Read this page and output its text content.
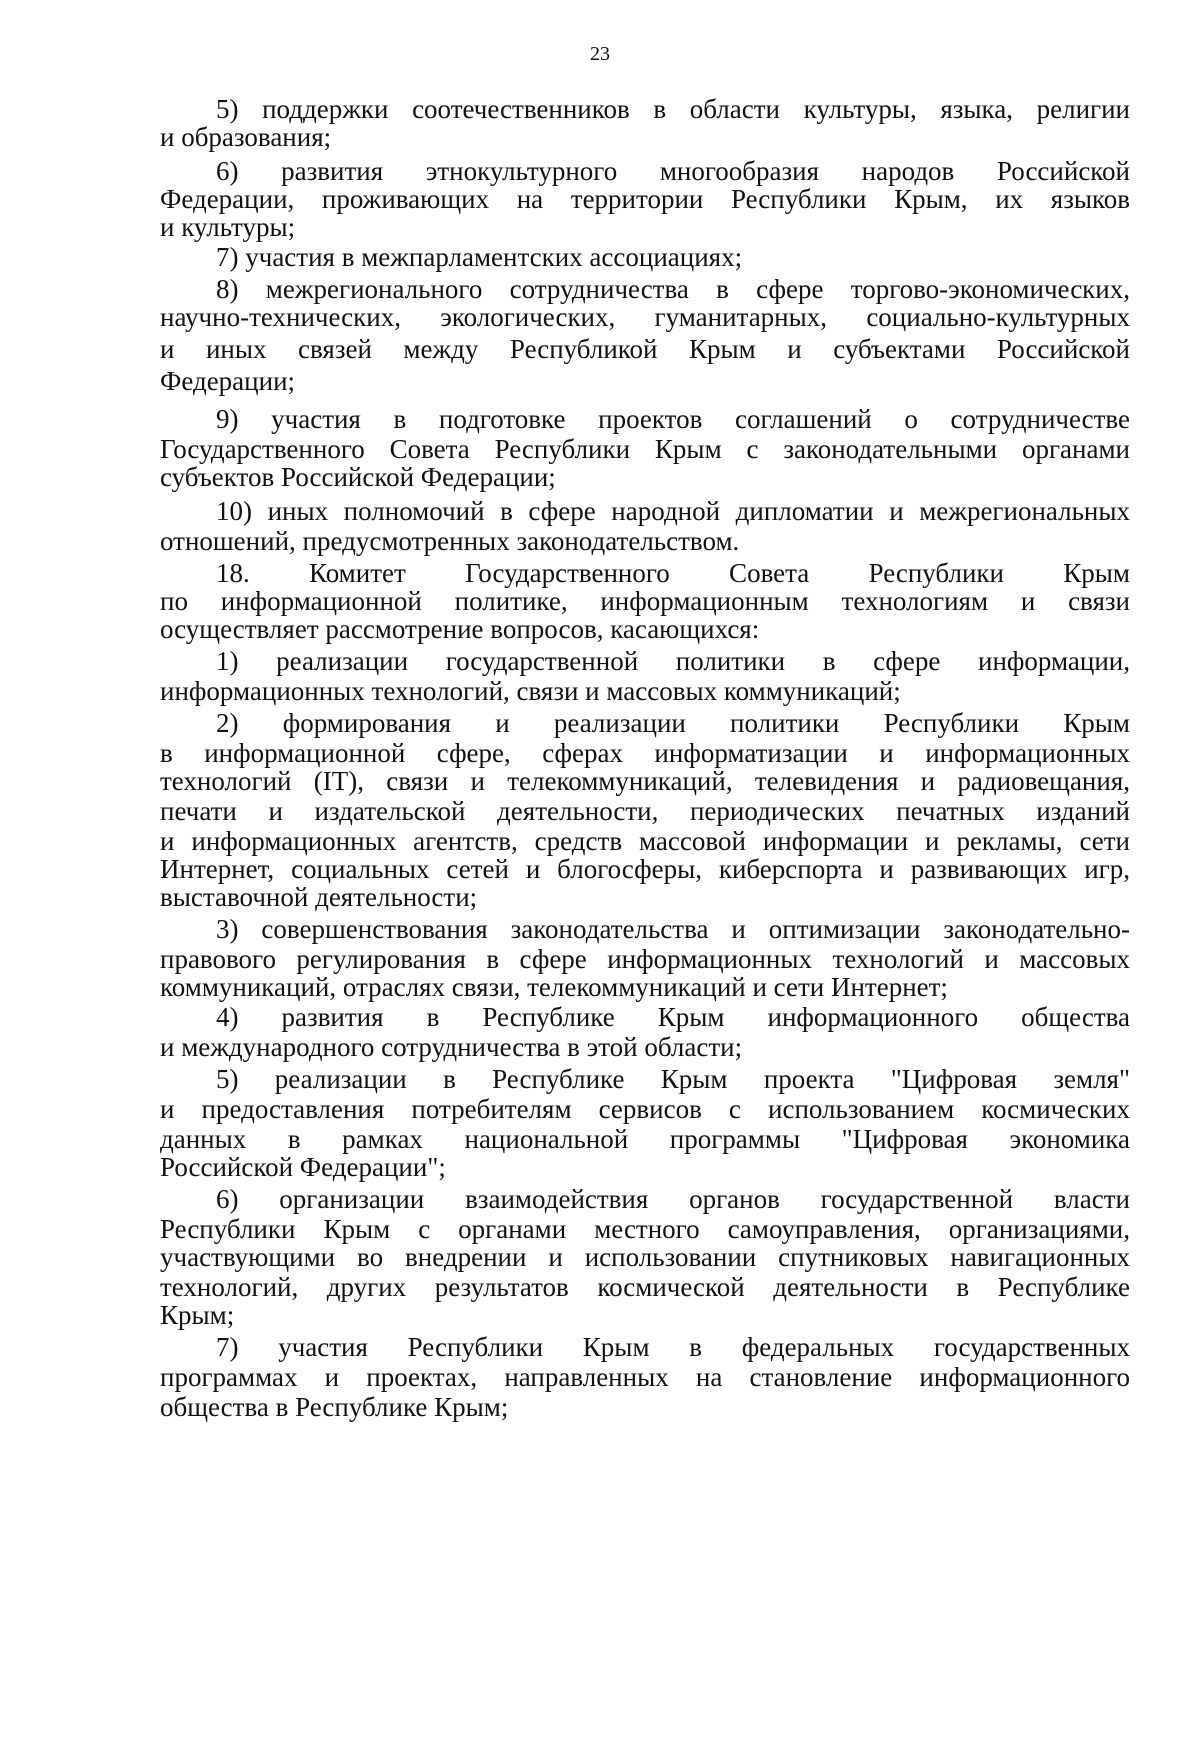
23
5) поддержки соотечественников в области культуры, языка, религии
и образования;
6) развития этнокультурного многообразия народов Российской
Федерации, проживающих на территории Республики Крым, их языков
и культуры;
7) участия в межпарламентских ассоциациях;
8) межрегионального сотрудничества в сфере торгово-экономических,
научно-технических, экологических, гуманитарных, социально-культурных
и иных связей между Республикой Крым и субъектами Российской
Федерации;
9) участия в подготовке проектов соглашений о сотрудничестве
Государственного Совета Республики Крым с законодательными органами
субъектов Российской Федерации;
10) иных полномочий в сфере народной дипломатии и межрегиональных
отношений, предусмотренных законодательством.
18. Комитет Государственного Совета Республики Крым
по информационной политике, информационным технологиям и связи
осуществляет рассмотрение вопросов, касающихся:
1) реализации государственной политики в сфере информации,
информационных технологий, связи и массовых коммуникаций;
2) формирования и реализации политики Республики Крым
в информационной сфере, сферах информатизации и информационных
технологий (IT), связи и телекоммуникаций, телевидения и радиовещания,
печати и издательской деятельности, периодических печатных изданий
и информационных агентств, средств массовой информации и рекламы, сети
Интернет, социальных сетей и блогосферы, киберспорта и развивающих игр,
выставочной деятельности;
3) совершенствования законодательства и оптимизации законодательно-
правового регулирования в сфере информационных технологий и массовых
коммуникаций, отраслях связи, телекоммуникаций и сети Интернет;
4) развития в Республике Крым информационного общества
и международного сотрудничества в этой области;
5) реализации в Республике Крым проекта "Цифровая земля"
и предоставления потребителям сервисов с использованием космических
данных в рамках национальной программы "Цифровая экономика
Российской Федерации";
6) организации взаимодействия органов государственной власти
Республики Крым с органами местного самоуправления, организациями,
участвующими во внедрении и использовании спутниковых навигационных
технологий, других результатов космической деятельности в Республике
Крым;
7) участия Республики Крым в федеральных государственных
программах и проектах, направленных на становление информационного
общества в Республике Крым;
